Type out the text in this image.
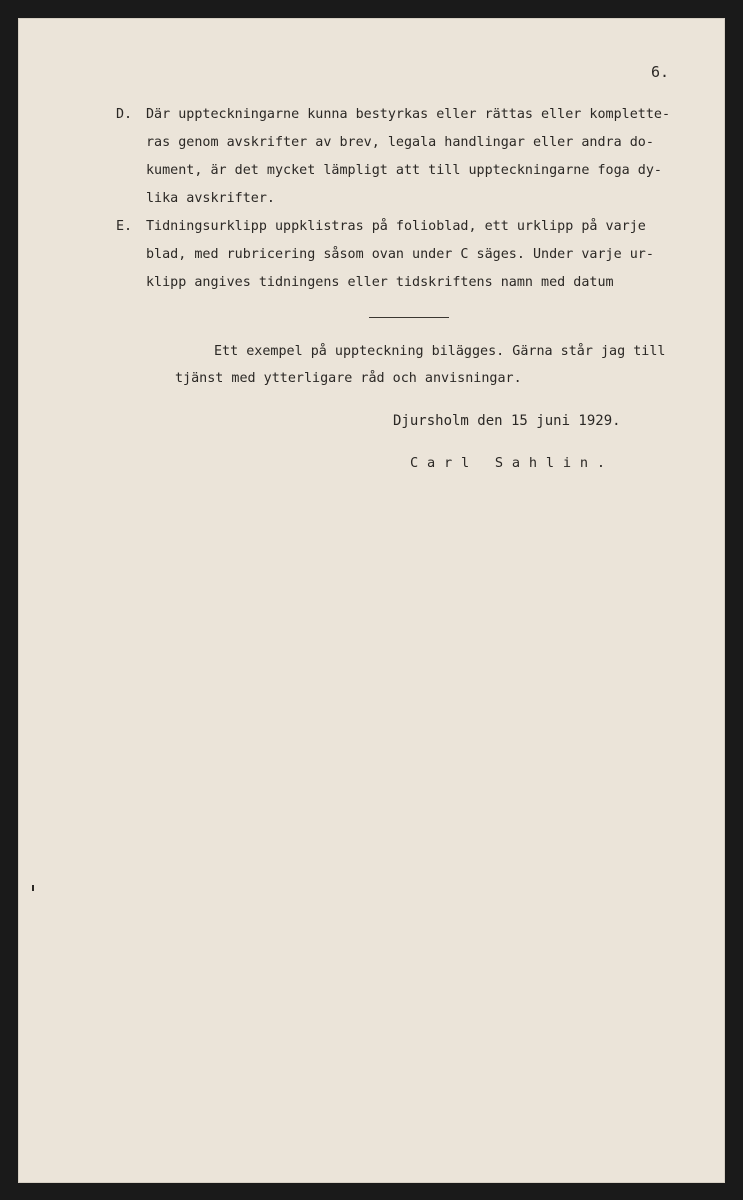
6.
D. Där uppteckningarne kunna bestyrkas eller rättas eller komplette-
ras genom avskrifter av brev, legala handlingar eller andra do-
kument, är det mycket lämpligt att till uppteckningarne foga dy-
lika avskrifter.
E. Tidningsurklipp uppklistras på folioblad, ett urklipp på varje
blad, med rubricering såsom ovan under C säges. Under varje ur-
klipp angives tidningens eller tidskriftens namn med datum
Ett exempel på uppteckning bilägges. Gärna står jag till
tjänst med ytterligare råd och anvisningar.
Djursholm den 15 juni 1929.
Carl Sahlin.
